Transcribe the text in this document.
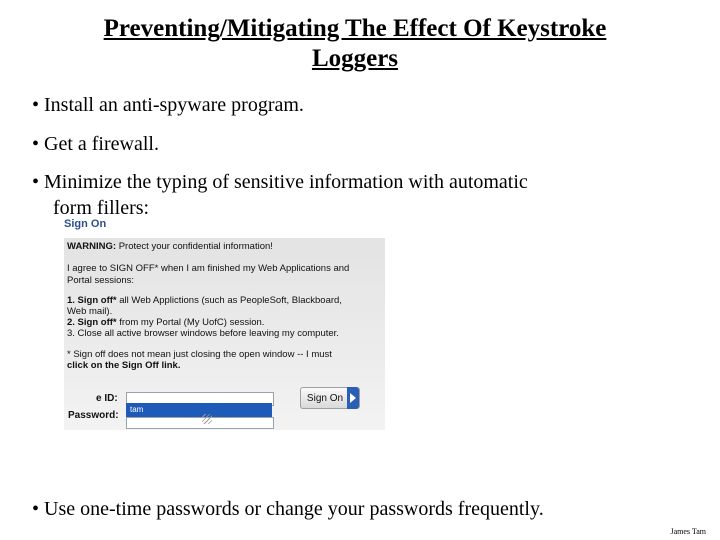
Preventing/Mitigating The Effect Of Keystroke
Loggers
• Install an anti-spyware program.
• Get a firewall.
• Minimize the typing of sensitive information with automatic
form fillers:
Sign On
WARNING: Protect your confidential information!
I agree to SIGN OFF* when I am finished my Web Applications and
Portal sessions:
1. Sign off* all Web Applictions (such as PeopleSoft, Blackboard,
Web mail).
2. Sign off* from my Portal (My UofC) session.
3. Close all active browser windows before leaving my computer.
* Sign off does not mean just closing the open window -- I must
click on the Sign Off link.
e ID:
Password:
tam
Sign On
• Use one-time passwords or change your passwords frequently.
James Tam
